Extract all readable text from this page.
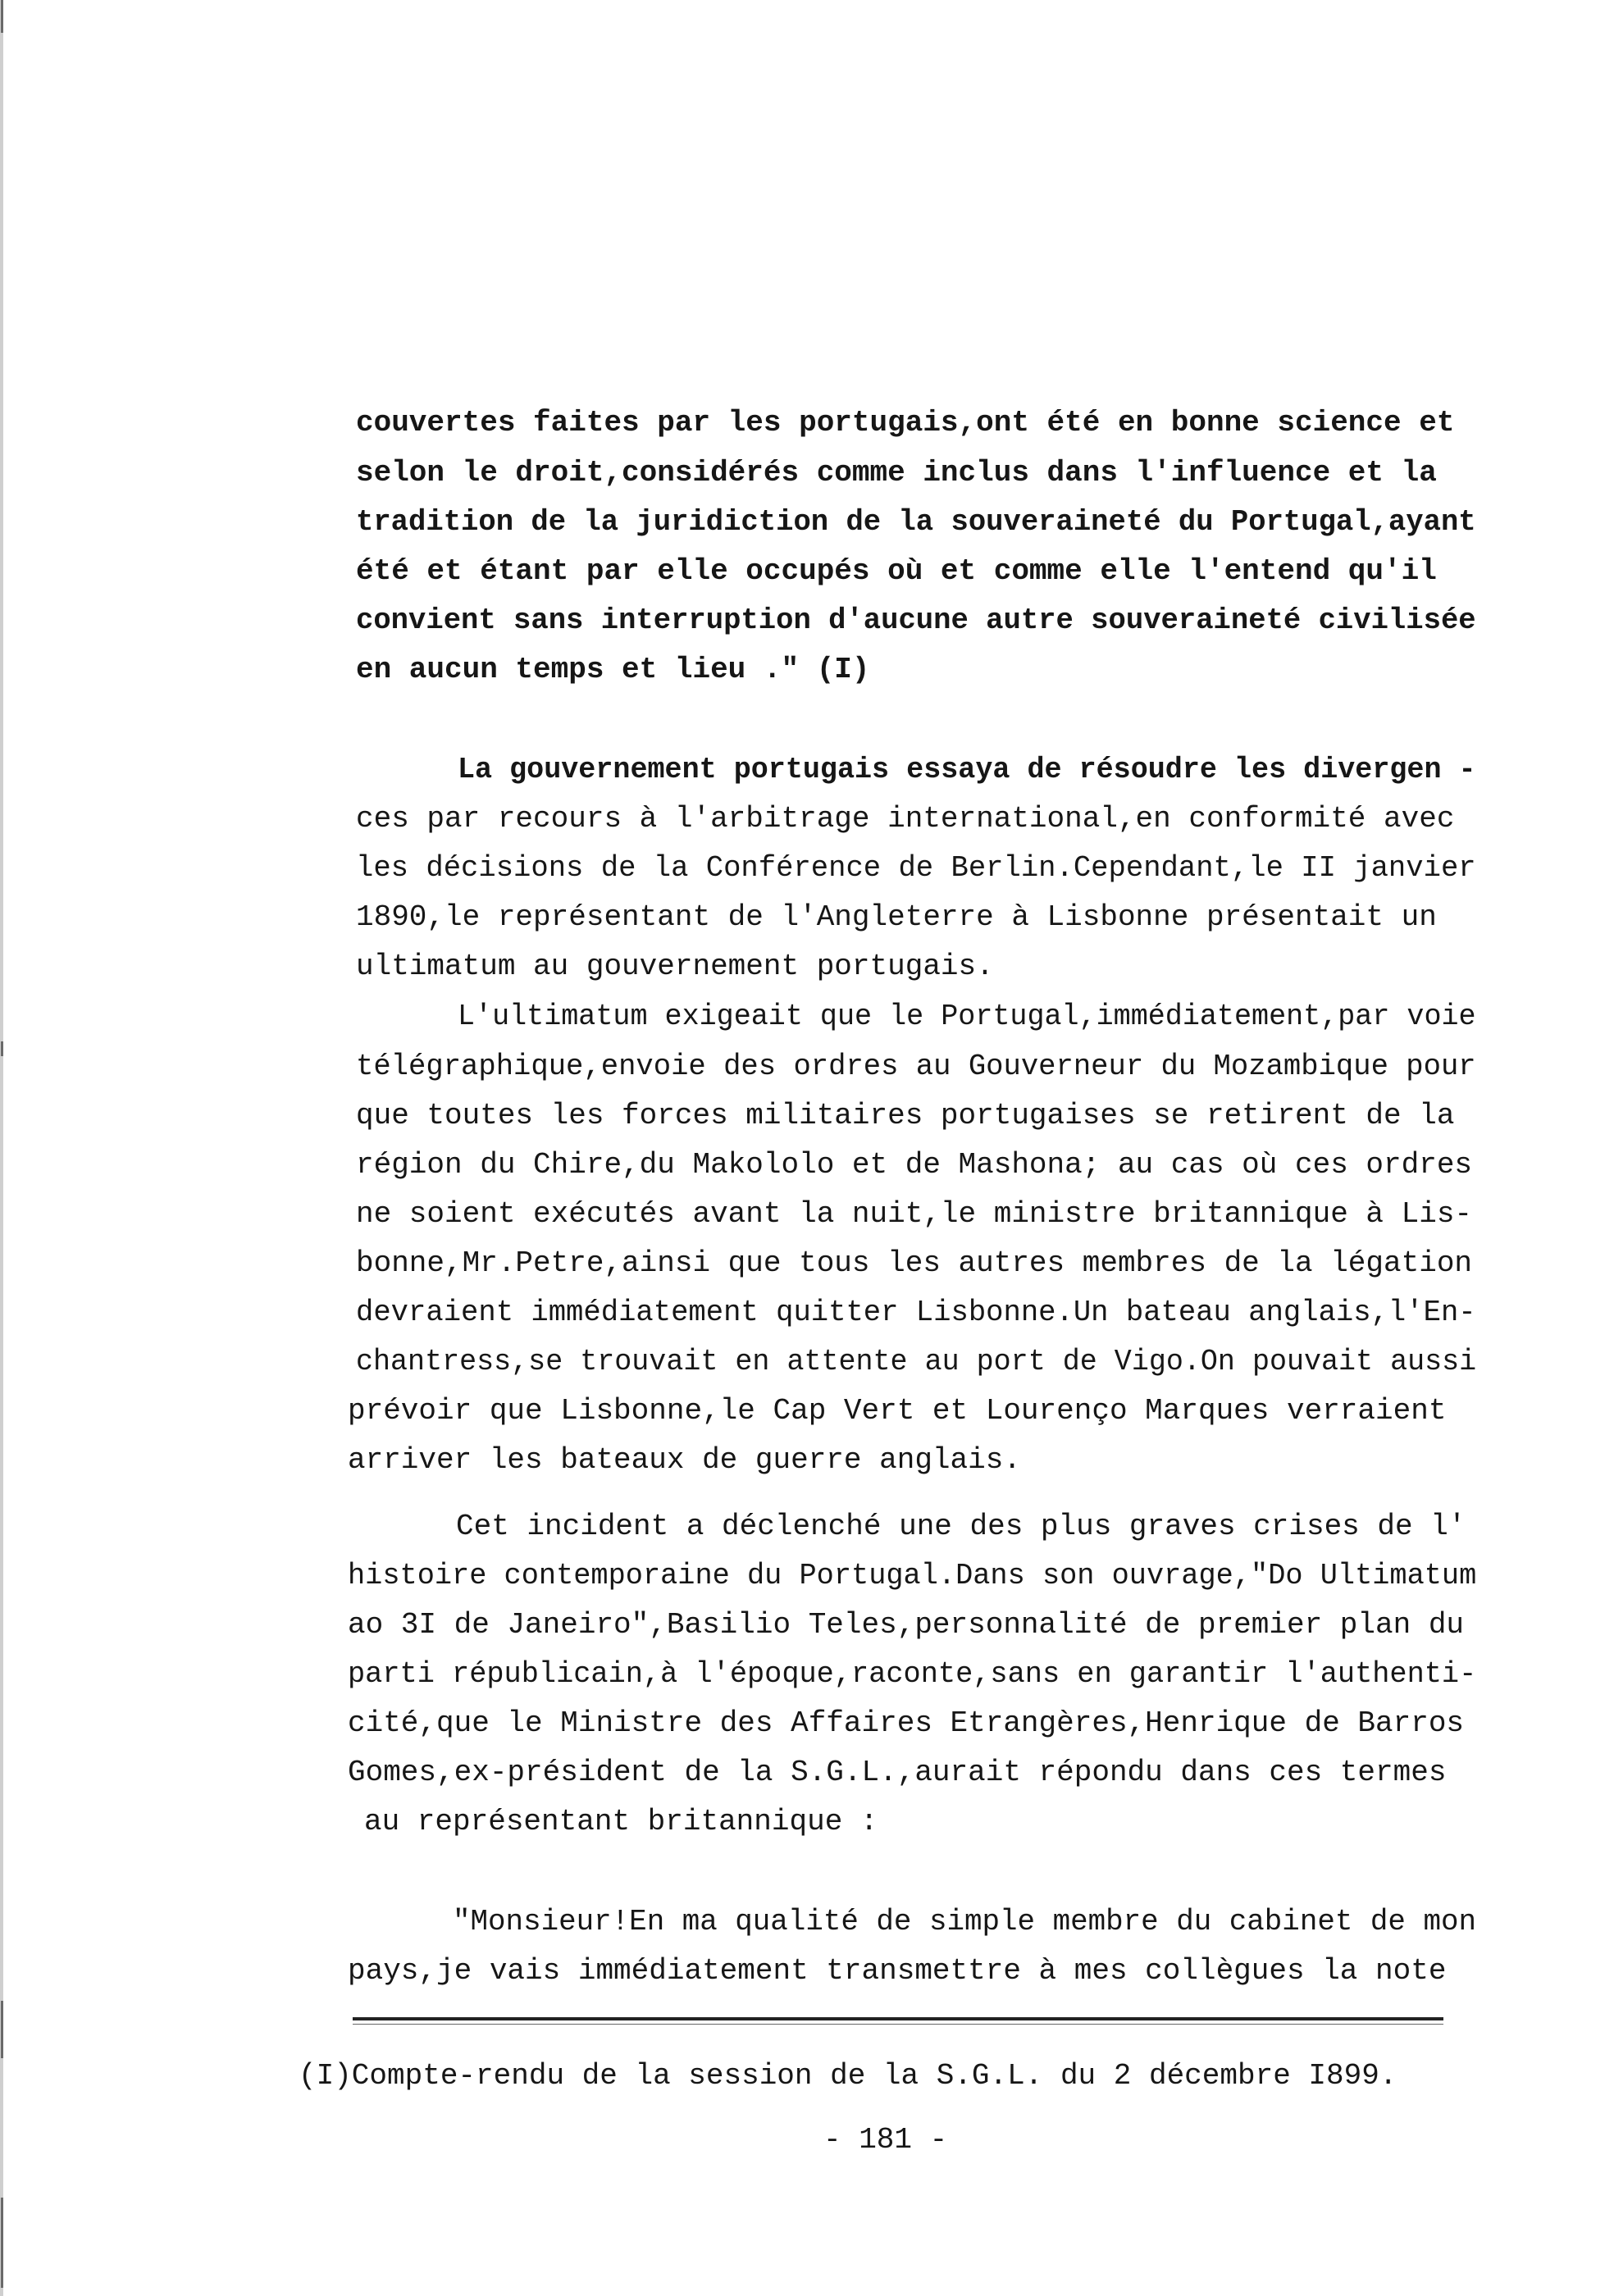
couvertes faites par les portugais,ont été en bonne science et
selon le droit,considérés comme inclus dans l'influence et la
tradition de la juridiction de la souveraineté du Portugal,ayant
été et étant par elle occupés où et comme elle l'entend qu'il
convient sans interruption d'aucune autre souveraineté civilisée
en aucun temps et lieu ." (I)
La gouvernement portugais essaya de résoudre les divergen -
ces par recours à l'arbitrage international,en conformité avec
les décisions de la Conférence de Berlin.Cependant,le II janvier
1890,le représentant de l'Angleterre à Lisbonne présentait un
ultimatum au gouvernement portugais.
L'ultimatum exigeait que le Portugal,immédiatement,par voie
télégraphique,envoie des ordres au Gouverneur du Mozambique pour
que toutes les forces militaires portugaises se retirent de la
région du Chire,du Makololo et de Mashona; au cas où ces ordres
ne soient exécutés avant la nuit,le ministre britannique à Lis-
bonne,Mr.Petre,ainsi que tous les autres membres de la légation
devraient immédiatement quitter Lisbonne.Un bateau anglais,l'En-
chantress,se trouvait en attente au port de Vigo.On pouvait aussi
prévoir que Lisbonne,le Cap Vert et Lourenço Marques verraient
arriver les bateaux de guerre anglais.
Cet incident a déclenché une des plus graves crises de l'
histoire contemporaine du Portugal.Dans son ouvrage,"Do Ultimatum
ao 3I de Janeiro",Basilio Teles,personnalité de premier plan du
parti républicain,à l'époque,raconte,sans en garantir l'authenti-
cité,que le Ministre des Affaires Etrangères,Henrique de Barros
Gomes,ex-président de la S.G.L.,aurait répondu dans ces termes
au représentant britannique :
"Monsieur!En ma qualité de simple membre du cabinet de mon
pays,je vais immédiatement transmettre à mes collègues la note
(I)Compte-rendu de la session de la S.G.L. du 2 décembre I899.
- 181 -
